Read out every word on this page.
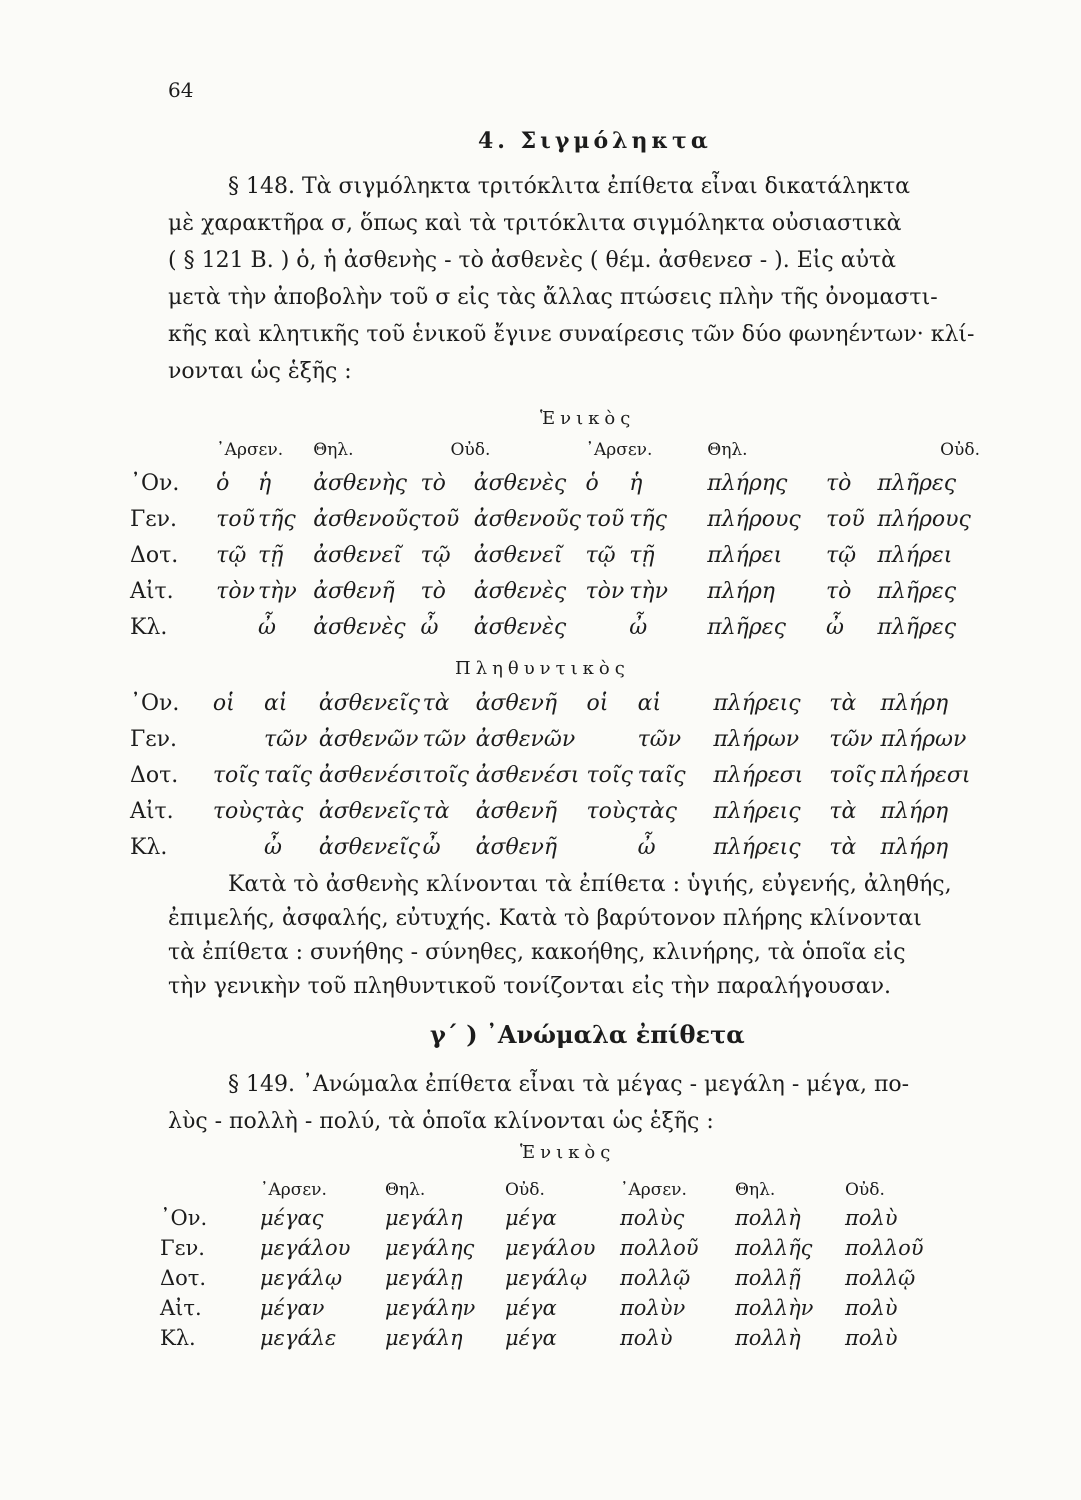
64
4. Σιγμόληκτα

§ 148. Τὰ σιγμόληκτα τριτόκλιτα ἐπίθετα εἶναι δικατάληκτα

μὲ χαρακτῆρα σ, ὅπως καὶ τὰ τριτόκλιτα σιγμόληκτα οὐσιαστικὰ

( § 121 Β. ) ὁ, ἡ ἀσθενὴς - τὸ ἀσθενὲς ( θέμ. ἀσθενεσ - ). Εἰς αὐτὰ

μετὰ τὴν ἀποβολὴν τοῦ σ εἰς τὰς ἄλλας πτώσεις πλὴν τῆς ὀνομαστι-

κῆς καὶ κλητικῆς τοῦ ἑνικοῦ ἔγινε συναίρεσις τῶν δύο φωνηέντων· κλί-

νονται ὡς ἑξῆς :

Ἑνικὸς
	᾿Αρσεν.		Θηλ.	Οὐδ.		᾿Αρσεν.		Θηλ.	Οὐδ.	
᾿Ον.	ὁ	ἡ	ἀσθενὴς	τὸ	ἀσθενὲς	ὁ	ἡ	πλήρης	τὸ	πλῆρες
Γεν.	τοῦ	τῆς	ἀσθενοῦς	τοῦ	ἀσθενοῦς	τοῦ	τῆς	πλήρους	τοῦ	πλήρους
Δοτ.	τῷ	τῇ	ἀσθενεῖ	τῷ	ἀσθενεῖ	τῷ	τῇ	πλήρει	τῷ	πλήρει
Αἰτ.	τὸν	τὴν	ἀσθενῆ	τὸ	ἀσθενὲς	τὸν	τὴν	πλήρη	τὸ	πλῆρες
Κλ.		ὦ	ἀσθενὲς	ὦ	ἀσθενὲς		ὦ	πλῆρες	ὦ	πλῆρες
Πληθυντικὸς
᾿Ον.	οἱ	αἱ	ἀσθενεῖς	τὰ	ἀσθενῆ	οἱ	αἱ	πλήρεις	τὰ	πλήρη
Γεν.		τῶν	ἀσθενῶν	τῶν	ἀσθενῶν		τῶν	πλήρων	τῶν	πλήρων
Δοτ.	τοῖς	ταῖς	ἀσθενέσι	τοῖς	ἀσθενέσι	τοῖς	ταῖς	πλήρεσι	τοῖς	πλήρεσι
Αἰτ.	τοὺς	τὰς	ἀσθενεῖς	τὰ	ἀσθενῆ	τοὺς	τὰς	πλήρεις	τὰ	πλήρη
Κλ.		ὦ	ἀσθενεῖς	ὦ	ἀσθενῆ		ὦ	πλήρεις	τὰ	πλήρη

Κατὰ τὸ ἀσθενὴς κλίνονται τὰ ἐπίθετα : ὑγιής, εὐγενής, ἀληθής,

ἐπιμελής, ἀσφαλής, εὐτυχής. Κατὰ τὸ βαρύτονον πλήρης κλίνονται

τὰ ἐπίθετα : συνήθης - σύνηθες, κακοήθης, κλινήρης, τὰ ὁποῖα εἰς

τὴν γενικὴν τοῦ πληθυντικοῦ τονίζονται εἰς τὴν παραλήγουσαν.

γ´ ) ᾿Ανώμαλα ἐπίθετα

§ 149. ᾿Ανώμαλα ἐπίθετα εἶναι τὰ μέγας - μεγάλη - μέγα, πο-

λὺς - πολλὴ - πολύ, τὰ ὁποῖα κλίνονται ὡς ἑξῆς :

Ἑνικὸς
	᾿Αρσεν.	Θηλ.	Οὐδ.	᾿Αρσεν.	Θηλ.	Οὐδ.
᾿Ον.	μέγας	μεγάλη	μέγα	πολὺς	πολλὴ	πολὺ
Γεν.	μεγάλου	μεγάλης	μεγάλου	πολλοῦ	πολλῆς	πολλοῦ
Δοτ.	μεγάλῳ	μεγάλῃ	μεγάλῳ	πολλῷ	πολλῇ	πολλῷ
Αἰτ.	μέγαν	μεγάλην	μέγα	πολὺν	πολλὴν	πολὺ
Κλ.	μεγάλε	μεγάλη	μέγα	πολὺ	πολλὴ	πολὺ
